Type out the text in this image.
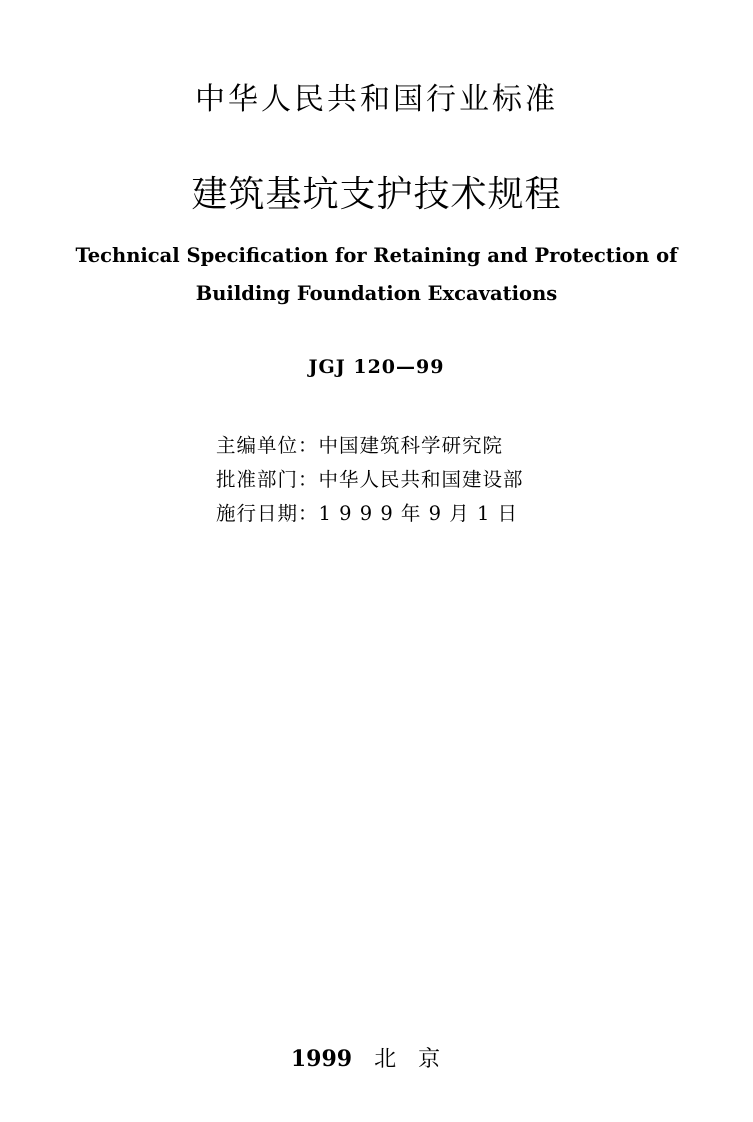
中华人民共和国行业标准
建筑基坑支护技术规程
Technical Specification for Retaining and Protection of
Building Foundation Excavations
JGJ 120—99
主编单位：中国建筑科学研究院
批准部门：中华人民共和国建设部
施行日期：1 9 9 9 年 9 月 1 日
1999 北京
